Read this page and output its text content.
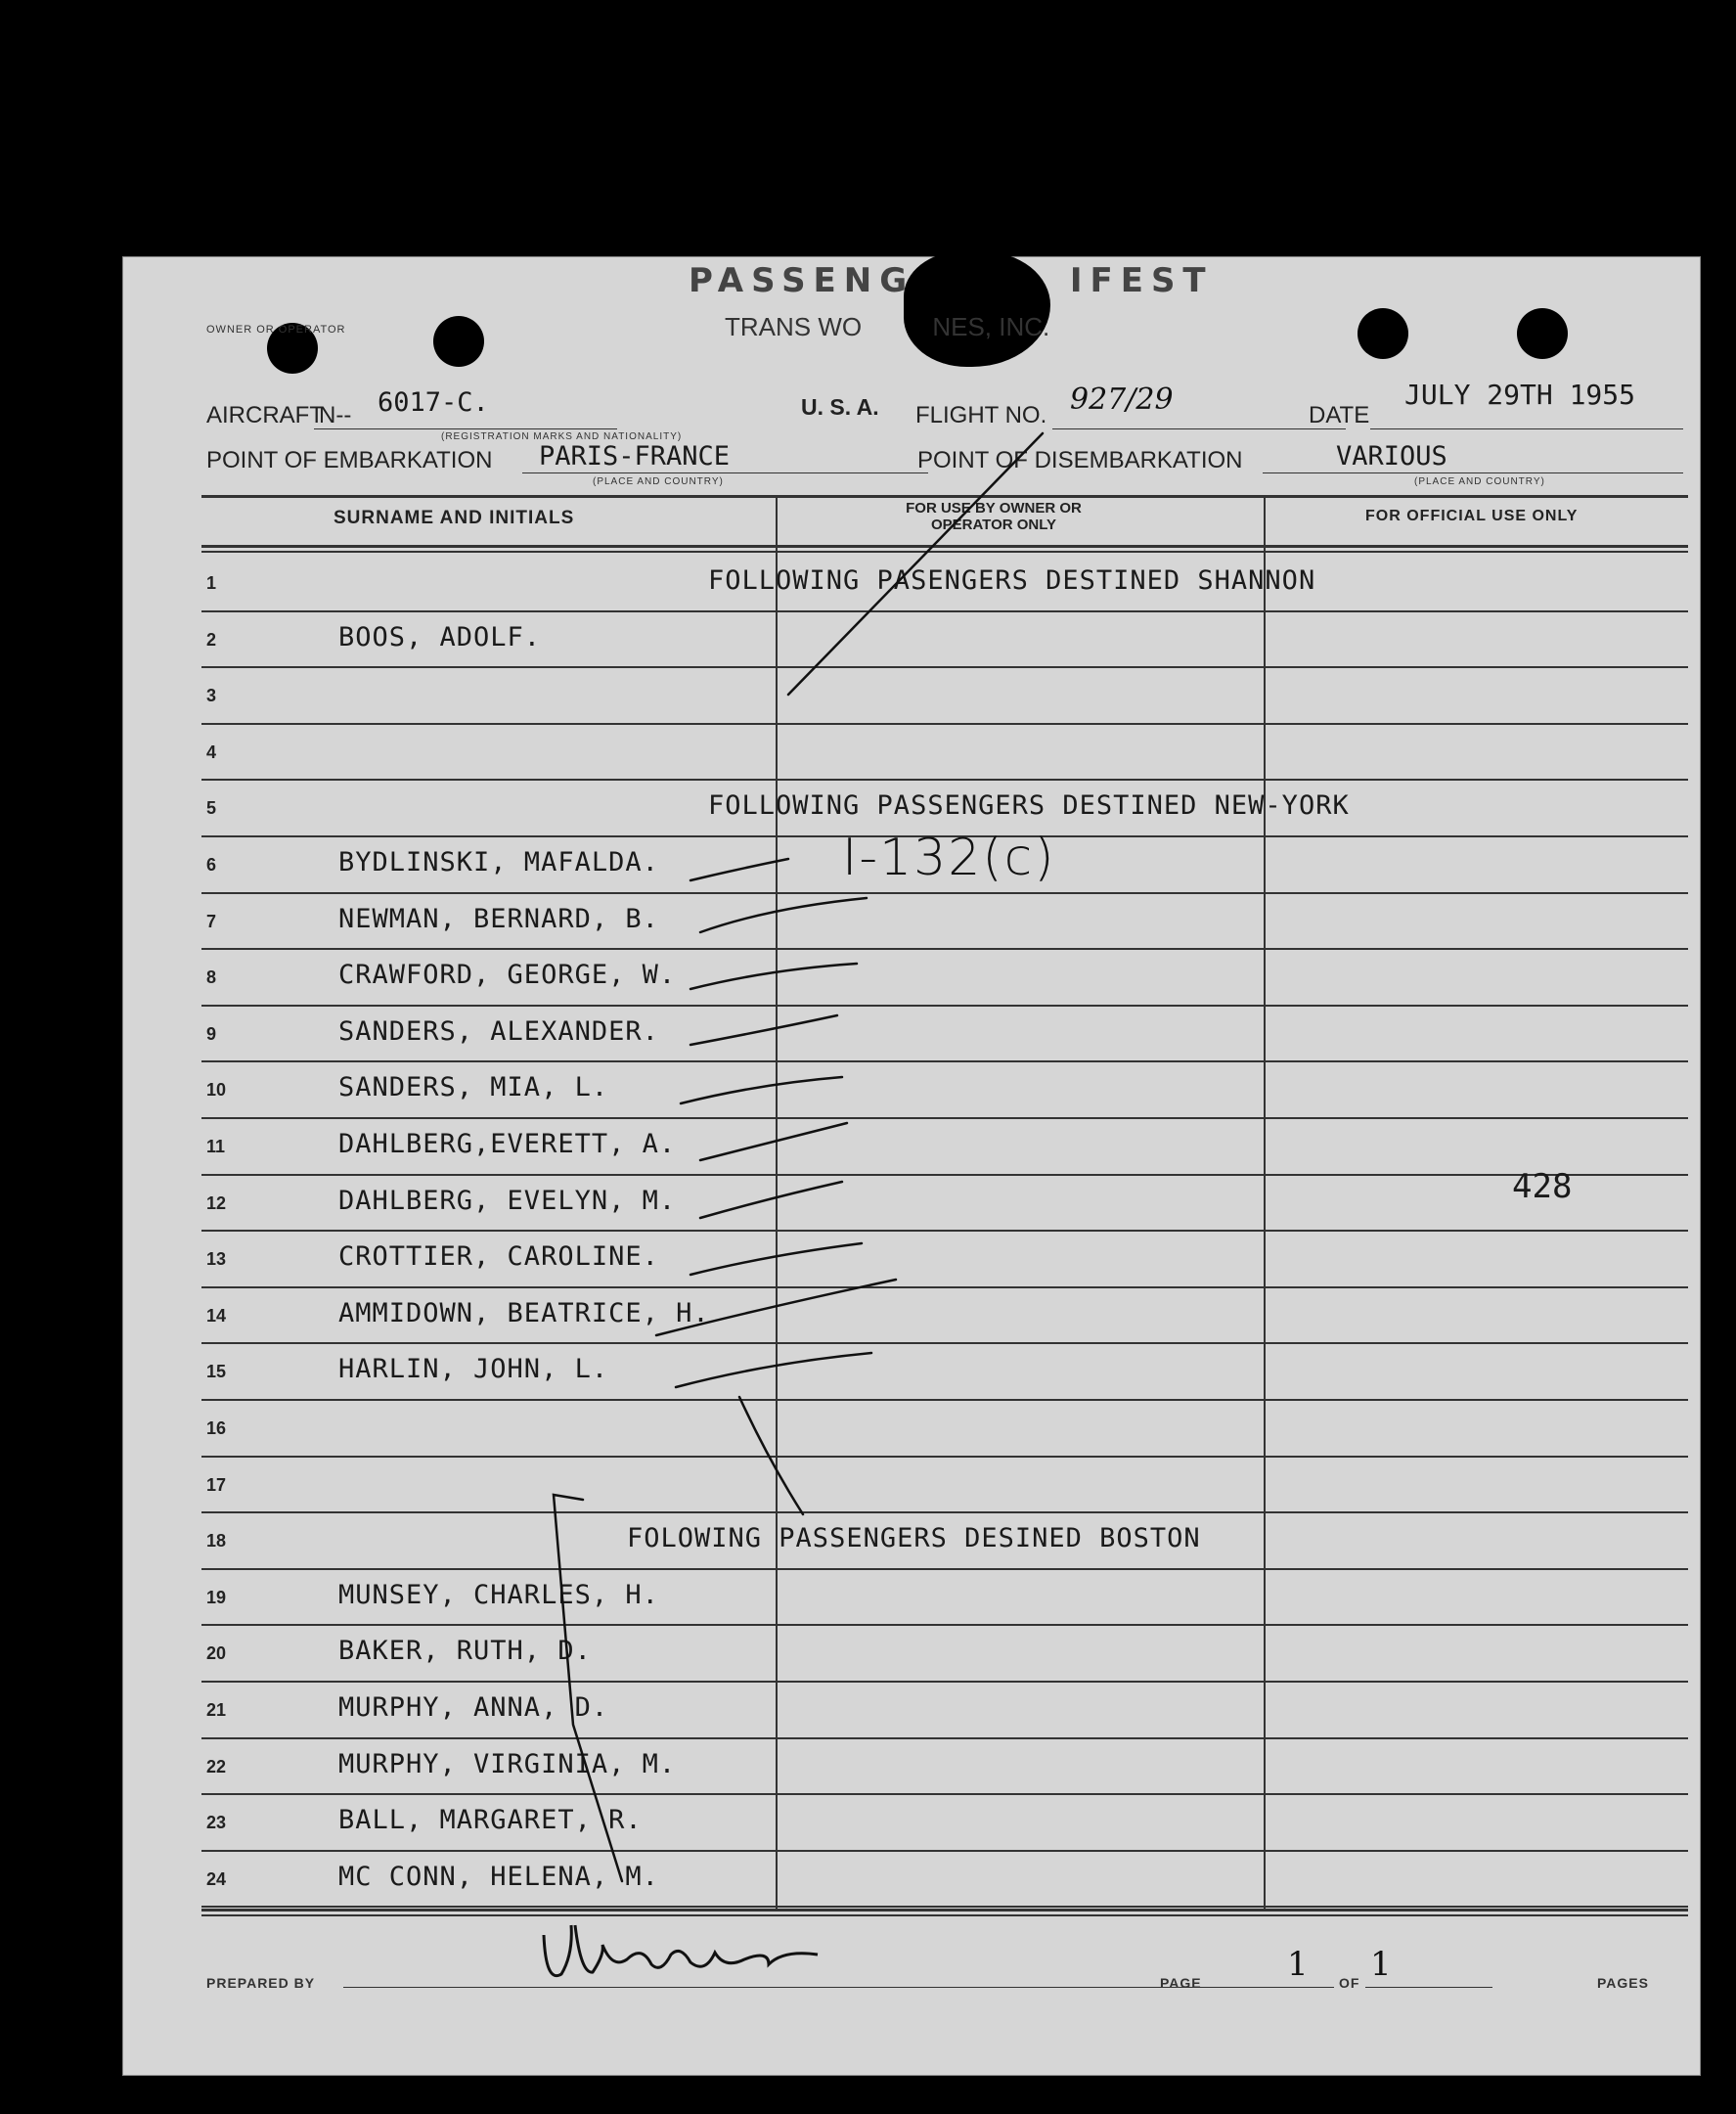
PASSENG        IFEST
TRANS WO          NES, INC.
OWNER OR OPERATOR
AIRCRAFT
N-- 6017-C.
(REGISTRATION MARKS AND NATIONALITY)
U. S. A. FLIGHT NO. 927/29	DATE
JULY 29TH 1955
POINT OF EMBARKATION PARIS-FRANCE
(PLACE AND COUNTRY)
POINT OF DISEMBARKATION	VARIOUS
(PLACE AND COUNTRY)
SURNAME AND INITIALS	FOR USE BY OWNER OR OPERATOR ONLY
FOR OFFICIAL USE ONLY
1	FOLLOWING PASENGERS DESTINED SHANNON
2	BOOS, ADOLF.
3
4
5	FOLLOWING PASSENGERS DESTINED NEW-YORK
6	BYDLINSKI, MAFALDA.
7	NEWMAN, BERNARD, B.
8	CRAWFORD, GEORGE, W.
9	SANDERS, ALEXANDER.
10	SANDERS, MIA, L.
11	DAHLBERG,EVERETT, A.
12	DAHLBERG, EVELYN, M.
13	CROTTIER, CAROLINE.
14	AMMIDOWN, BEATRICE, H.
15	HARLIN, JOHN, L.
16
17
18	FOLOWING PASSENGERS DESINED BOSTON
19	MUNSEY, CHARLES, H.
20	BAKER, RUTH, D.
21	MURPHY, ANNA, D.
22	MURPHY, VIRGINIA, M.
23	BALL, MARGARET, R.
24	MC CONN, HELENA, M.
I-132(c)
428
PREPARED BY	PAGE	1 OF 1	PAGES
